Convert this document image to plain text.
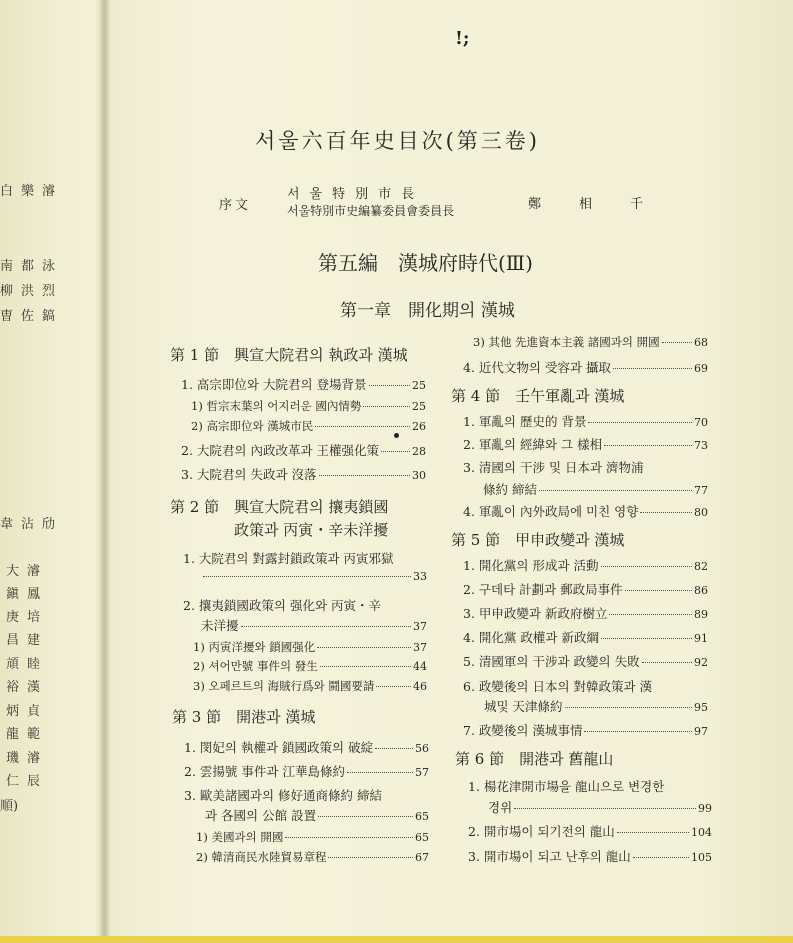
白樂濬
南都泳
柳洪烈
曺佐鎬
韋沾劤
大濬
鎭鳳
庚培
昌建
頏睦
裕漢
炳貞
龍範
璣濬
仁辰
順)
!;
서울六百年史目次(第三卷)
序文
서울特別市長
서울特別市史編纂委員會委員長	鄭相千
第五編　漢城府時代(Ⅲ)
第一章　開化期의 漢城
第 1 節　興宣大院君의 執政과 漢城
1.
高宗即位와 大院君의 登場背景	25
1)
哲宗末葉의 어지러운 國內情勢	25
2)
高宗即位와 漢城市民	26
2.
大院君의 內政改革과 王權强化策	28
3.
大院君의 失政과 沒落	30
第 2 節　興宣大院君의 攘夷鎖國
政策과 丙寅・辛未洋擾
1. 大院君의 對露封鎖政策과 丙寅邪獄
33
2. 攘夷鎖國政策의 强化와 丙寅・辛
未洋擾	37
1)
丙寅洋擾와 鎖國强化	37
2)
셔어만號 事件의 發生	44
3)
오페르트의 海賊行爲와 鬪國要請	46
第 3 節　開港과 漢城
1.
閔妃의 執權과 鎖國政策의 破綻	56
2.
雲揚號 事件과 江華島條約	57
3. 歐美諸國과의 修好通商條約 締結
과 各國의 公館 設置	65
1)
美國과의 開國	65
2)
韓清商民水陸貿易章程	67
3)
其他 先進資本主義 諸國과의 開國	68
4.
近代文物의 受容과 攝取	69
第 4 節　壬午軍亂과 漢城
1.
軍亂의 歷史的 背景	70
2.
軍亂의 經緯와 그 樣相	73
3. 清國의 干涉 및 日本과 濟物浦
條約 締結	77
4.
軍亂이 內外政局에 미친 영향	80
第 5 節　甲申政變과 漢城
1.
開化黨의 形成과 活動	82
2.
구데타 計劃과 郵政局事件	86
3.
甲申政變과 新政府樹立	89
4.
開化黨 政權과 新政綱	91
5.
清國軍의 干涉과 政變의 失敗	92
6. 政變後의 日本의 對韓政策과 漢
城및 天津條約	95
7.
政變後의 漢城事情	97
第 6 節　開港과 舊龍山
1. 楊花津開市場을 龍山으로 변경한
경위	99
2.
開市場이 되기전의 龍山	104
3.
開市場이 되고 난후의 龍山	105
